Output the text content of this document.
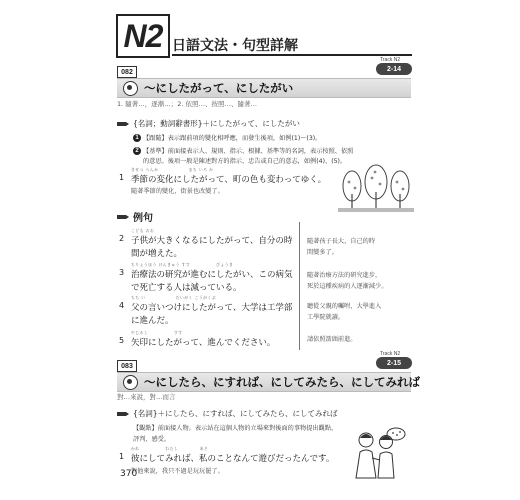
N2 日語文法・句型詳解
082
Track N2
2-14
～にしたがって、にしたがい
1. 隨著…，逐漸…；2. 依照…、按照…、隨著…
{名詞；動詞辭書形}＋にしたがって、にしたがい
1 【跟隨】表示跟前項的變化相呼應，而發生後項，如例(1)～(3)。
2 【基準】前面接表示人、規則、指示、根據、基準等的名詞，表示按照、依照
的意思。後項一般是陳述對方的指示、忠告或自己的意志，如例(4)、(5)。
きせつ へんか　　　　　　　まち いろ か
1 季節の変化にしたがって、町の色も変わってゆく。
隨著季節的變化，街景也改變了。
例句
こども おお
2 子供が大きくなるにしたがって、自分の時
間が増えた。
隨著孩子長大，自己的時
間變多了。
ちりょうほう けんきゅう すす　　　　　　びょうき
3 治療法の研究が進むにしたがい、この病気
で死亡する人は減っている。
隨著治療方法的研究進步，
死於這種疾病的人逐漸減少。
ちち い　　　　　　　だいがく こうがくぶ
4 父の言いつけにしたがって、大学は工学部
に進んだ。
聽從父親的囑咐，大學進入
工學院就讀。
やじるし　　　　　　すす
5 矢印にしたがって、進んでください。	請依照箭頭前進。
083
Track N2
2-15
～にしたら、にすれば、にしてみたら、にしてみれば
對…來說，對…而言
{名詞}＋にしたら、にすれば、にしてみたら、にしてみれば
【觀點】前面接人物。表示站在這個人物的立場來對後面的事物提出觀點、
評判、感受。
かれ　　　　　　わたし　　　　　あそ
1 彼にしてみれば、私のことなんて遊びだったんです。
對他來說，我只不過是玩玩罷了。
370
